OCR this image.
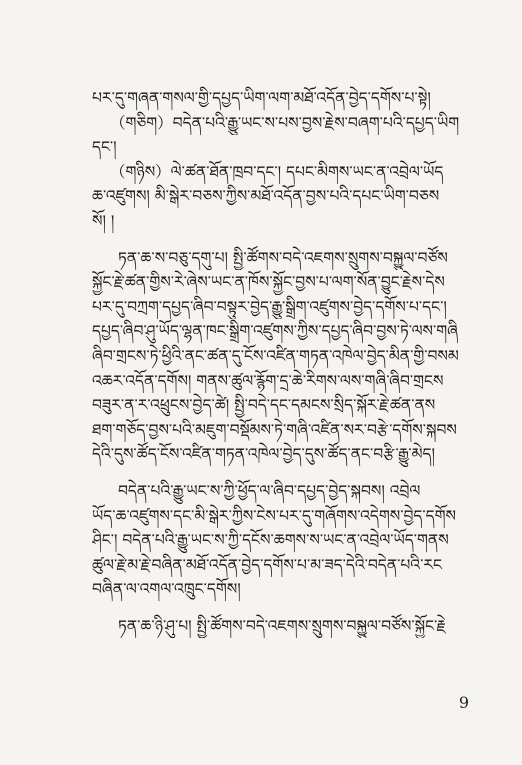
པར་དུ་གཞན་གསལ་གྱི་དཔྱད་ཡིག་ལག་མཐོ་འདོན་བྱེད་དགོས་པ་སྟེ།
（གཅིག）བདེན་པའི་རྒྱུ་ཡང་ས་པས་བྱས་རྗེས་བཞག་པའི་དཔྱད་ཡིག
དང་།
（གཉིས）ལེ་ཚན་ཐོན་ཁྲབ་དང་། དཔང་མིགས་ཡང་ན་འབྲེལ་ཡོད
ཆ་འཛུགས། མི་སྒེར་བཅས་ཀྱིས་མཐོ་འདོན་བྱས་པའི་དཔང་ཡིག་བཅས
སོ། །
ཏན་ཆ་ས་བཅུ་དགུ་པ། སྤྱི་ཚོགས་བདེ་འཇགས་སྲུགས་བསྐྱུལ་བཙོས
སྐྱོང་རྗེ་ཚན་གྱིས་རེ་ཞེས་ཡང་ན་ཁོས་སྐྱོང་བྱས་པ་ལག་སོན་བྱུང་རྗེས་དེས
པར་དུ་བཀྲག་དཔྱད་ཞིབ་བསྟུར་བྱེད་རྒྱུ་སྒྲིག་འཛུགས་བྱེད་དགོས་པ་དང་།
དཔྱད་ཞིབ་ཤུ་ཡོད་ལྷན་ཁང་སྒྲིག་འཛུགས་ཀྱིས་དཔྱད་ཞིབ་བྱས་ཏེ་ལས་གཞི
ཞིབ་གྲངས་ཏེ་ཕྱིའི་ནང་ཚན་དུ་ངོས་འཛིན་གཏན་འཁེལ་བྱེད་མིན་གྱི་བསམ
འཆར་འདོན་དགོས། གནས་ཚུལ་རྙོག་དྲ་ཆེ་རིགས་ལས་གཞི་ཞིབ་གྲངས
བཟུར་ན་ར་འཕྲུངས་བྱེད་ཚེ། སྤྱི་བདེ་དང་དམངས་སྲིད་སྐོར་རྗེ་ཚན་ནས
ཐག་གཅོད་བྱས་པའི་མཇུག་བསྡོམས་ཏེ་གཞི་འཛིན་སར་བརྩེ་དགོས་སྐབས
དེའི་དུས་ཚོད་ངོས་འཛིན་གཏན་འཁེལ་བྱེད་དུས་ཚོད་ནང་བརྩི་རྒྱུ་མེད།
བདེན་པའི་རྒྱུ་ཡང་ས་ཀྱི་ཕྱོད་ལ་ཞིབ་དཔྱད་བྱེད་སྐབས། འབྲེལ
ཡོད་ཆ་འཛུགས་དང་མི་སྒེར་ཀྱིས་ངེས་པར་དུ་གཞོགས་འདེགས་བྱེད་དགོས
ཤིང་། བདེན་པའི་རྒྱུ་ཡང་ས་ཀྱི་དངོས་ཆགས་ས་ཡང་ན་འབྲེལ་ཡོད་གནས
ཚུལ་རྗེ་མ་རྗེ་བཞིན་མཐོ་འདོན་བྱེད་དགོས་པ་མ་ཟད་དེའི་བདེན་པའི་རང
བཞིན་ལ་འགལ་འཁྲུང་དགོས།
ཏན་ཆ་ཉི་ཤུ་པ། སྤྱི་ཚོགས་བདེ་འཇགས་སྲུགས་བསྐྱུལ་བཙོས་སྐྱོང་རྗེ
9
